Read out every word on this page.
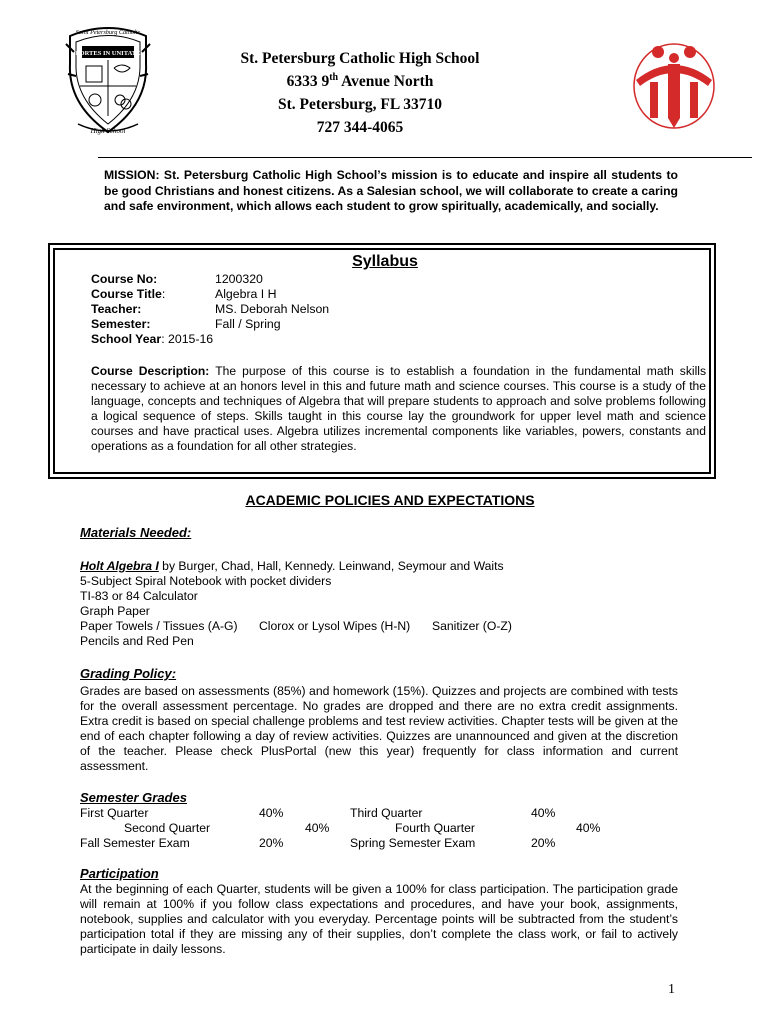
FORTES IN UNITATE
High School
Saint Petersburg Catholic
St. Petersburg Catholic High School
6333 9th Avenue North
St. Petersburg, FL 33710
727 344-4065
MISSION: St. Petersburg Catholic High School’s mission is to educate and inspire all students to be good Christians and honest citizens. As a Salesian school, we will collaborate to create a caring and safe environment, which allows each student to grow spiritually, academically, and socially.
Syllabus
Course No:	1200320
Course Title:	Algebra I H
Teacher:	MS. Deborah Nelson
Semester:	Fall / Spring
School Year: 2015-16
Course Description: The purpose of this course is to establish a foundation in the fundamental math skills necessary to achieve at an honors level in this and future math and science courses. This course is a study of the language, concepts and techniques of Algebra that will prepare students to approach and solve problems following a logical sequence of steps. Skills taught in this course lay the groundwork for upper level math and science courses and have practical uses. Algebra utilizes incremental components like variables, powers, constants and operations as a foundation for all other strategies.
ACADEMIC POLICIES AND EXPECTATIONS
Materials Needed:
Holt Algebra I by Burger, Chad, Hall, Kennedy. Leinwand, Seymour and Waits
5-Subject Spiral Notebook with pocket dividers
TI-83 or 84 Calculator
Graph Paper
Paper Towels / Tissues (A-G) Clorox or Lysol Wipes (H-N) Sanitizer (O-Z)
Pencils and Red Pen
Grading Policy:
Grades are based on assessments (85%) and homework (15%). Quizzes and projects are combined with tests for the overall assessment percentage. No grades are dropped and there are no extra credit assignments. Extra credit is based on special challenge problems and test review activities. Chapter tests will be given at the end of each chapter following a day of review activities. Quizzes are unannounced and given at the discretion of the teacher. Please check PlusPortal (new this year) frequently for class information and current assessment.
Semester Grades
First Quarter	40%	Third Quarter	40%
Second Quarter	40%	Fourth Quarter	40%
Fall Semester Exam	20%	Spring Semester Exam	20%
Participation
At the beginning of each Quarter, students will be given a 100% for class participation. The participation grade will remain at 100% if you follow class expectations and procedures, and have your book, assignments, notebook, supplies and calculator with you everyday. Percentage points will be subtracted from the student’s participation total if they are missing any of their supplies, don’t complete the class work, or fail to actively participate in daily lessons.
1
